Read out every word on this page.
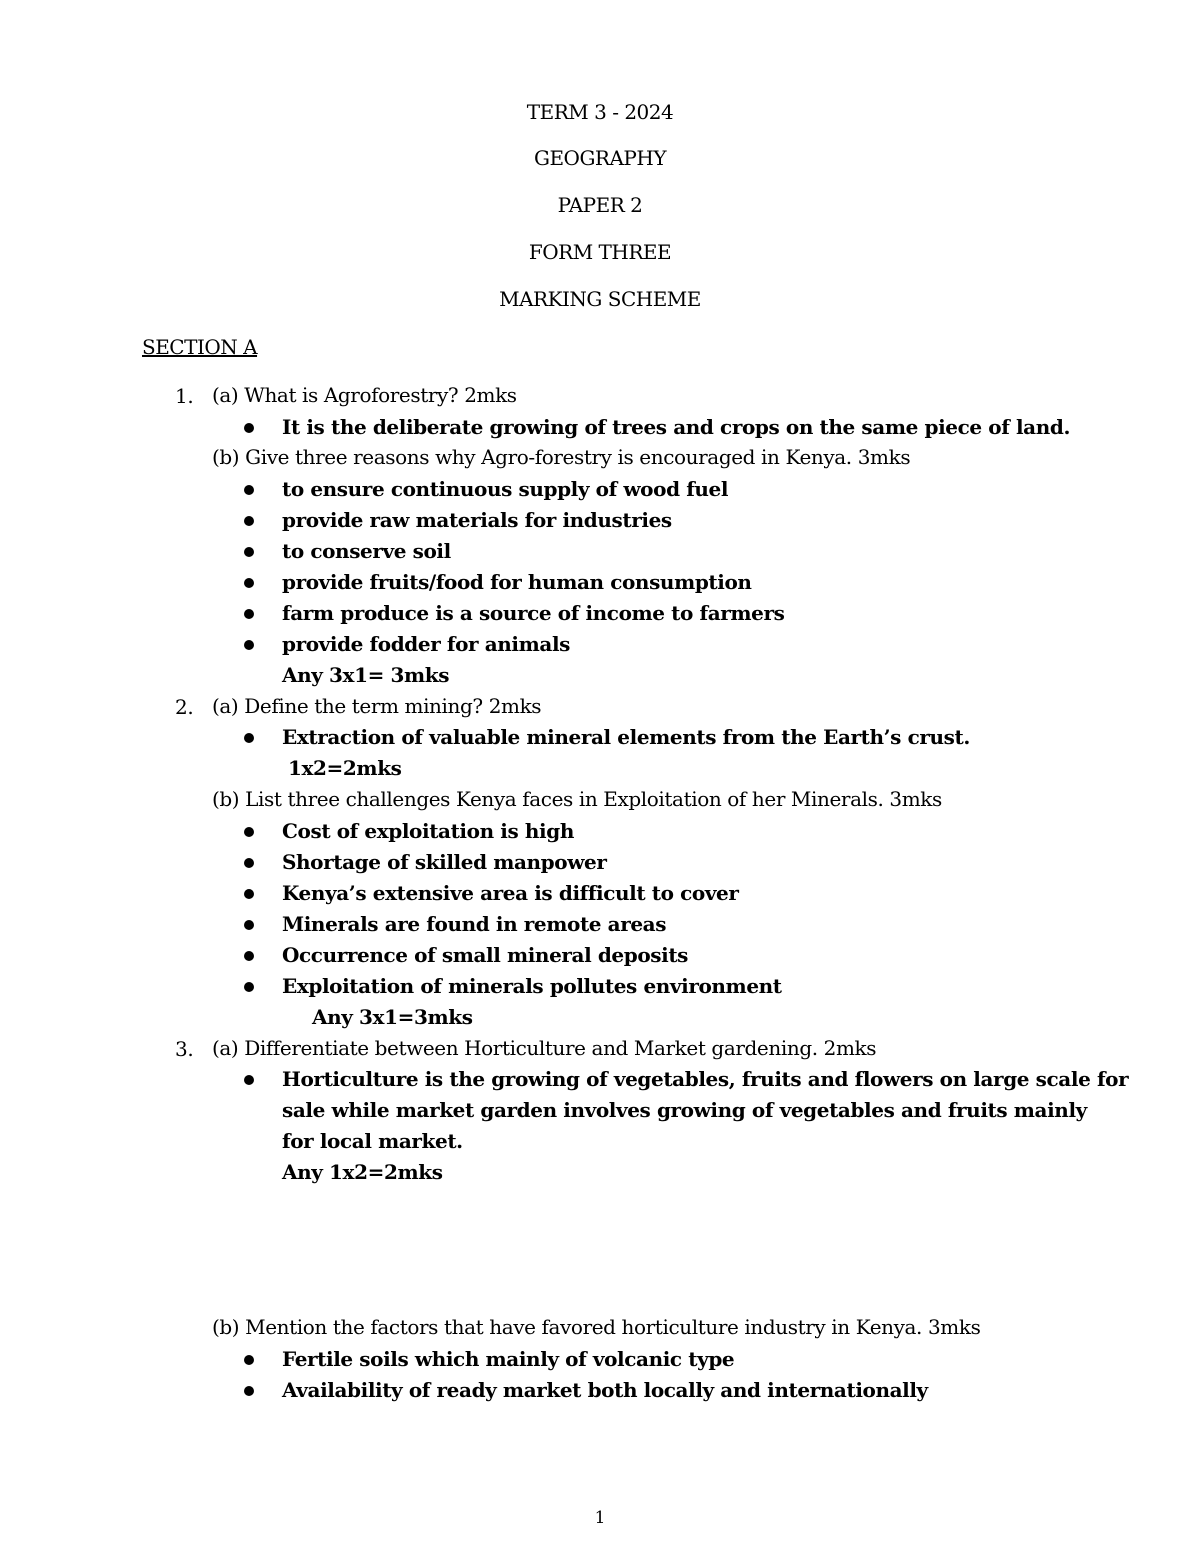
TERM 3 - 2024
GEOGRAPHY
PAPER 2
FORM THREE
MARKING SCHEME
SECTION A
1. (a) What is Agroforestry? 2mks
It is the deliberate growing of trees and crops on the same piece of land.
(b) Give three reasons why Agro-forestry is encouraged in Kenya. 3mks
to ensure continuous supply of wood fuel
provide raw materials for industries
to conserve soil
provide fruits/food for human consumption
farm produce is a source of income to farmers
provide fodder for animals
Any 3x1= 3mks
2. (a) Define the term mining? 2mks
Extraction of valuable mineral elements from the Earth’s crust.
1x2=2mks
(b) List three challenges Kenya faces in Exploitation of her Minerals. 3mks
Cost of exploitation is high
Shortage of skilled manpower
Kenya’s extensive area is difficult to cover
Minerals are found in remote areas
Occurrence of small mineral deposits
Exploitation of minerals pollutes environment
Any 3x1=3mks
3. (a) Differentiate between Horticulture and Market gardening. 2mks
Horticulture is the growing of vegetables, fruits and flowers on large scale for
sale while market garden involves growing of vegetables and fruits mainly
for local market.
Any 1x2=2mks
(b) Mention the factors that have favored horticulture industry in Kenya. 3mks
Fertile soils which mainly of volcanic type
Availability of ready market both locally and internationally
1
